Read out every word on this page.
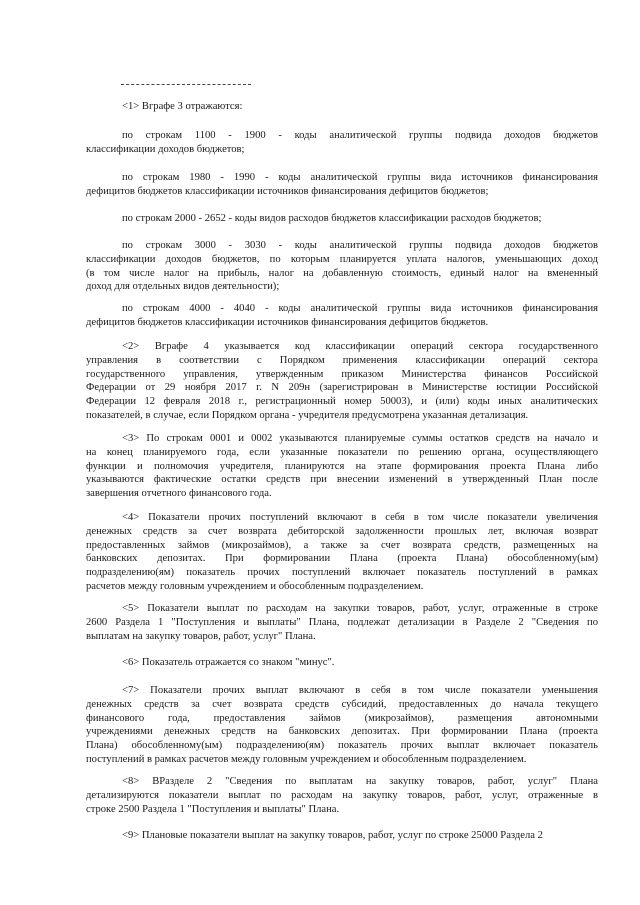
<1> Вграфе 3 отражаются:
по строкам 1100 - 1900 - коды аналитической группы подвида доходов бюджетов
классификации доходов бюджетов;
по строкам 1980 - 1990 - коды аналитической группы вида источников финансирования
дефицитов бюджетов классификации источников финансирования дефицитов бюджетов;
по строкам 2000 - 2652 - коды видов расходов бюджетов классификации расходов бюджетов;
по строкам 3000 - 3030 - коды аналитической группы подвида доходов бюджетов
классификации доходов бюджетов, по которым планируется уплата налогов, уменьшающих доход
(в том числе налог на прибыль, налог на добавленную стоимость, единый налог на вмененный
доход для отдельных видов деятельности);
по строкам 4000 - 4040 - коды аналитической группы вида источников финансирования
дефицитов бюджетов классификации источников финансирования дефицитов бюджетов.
<2> Вграфе 4 указывается код классификации операций сектора государственного
управления в соответствии с Порядком применения классификации операций сектора
государственного управления, утвержденным приказом Министерства финансов Российской
Федерации от 29 ноября 2017 г. N 209н (зарегистрирован в Министерстве юстиции Российской
Федерации 12 февраля 2018 г., регистрационный номер 50003), и (или) коды иных аналитических
показателей, в случае, если Порядком органа - учредителя предусмотрена указанная детализация.
<3> По строкам 0001 и 0002 указываются планируемые суммы остатков средств на начало и
на конец планируемого года, если указанные показатели по решению органа, осуществляющего
функции и полномочия учредителя, планируются на этапе формирования проекта Плана либо
указываются фактические остатки средств при внесении изменений в утвержденный План после
завершения отчетного финансового года.
<4> Показатели прочих поступлений включают в себя в том числе показатели увеличения
денежных средств за счет возврата дебиторской задолженности прошлых лет, включая возврат
предоставленных займов (микрозаймов), а также за счет возврата средств, размещенных на
банковских депозитах. При формировании Плана (проекта Плана) обособленному(ым)
подразделению(ям) показатель прочих поступлений включает показатель поступлений в рамках
расчетов между головным учреждением и обособленным подразделением.
<5> Показатели выплат по расходам на закупки товаров, работ, услуг, отраженные в строке
2600 Раздела 1 "Поступления и выплаты" Плана, подлежат детализации в Разделе 2 "Сведения по
выплатам на закупку товаров, работ, услуг" Плана.
<6> Показатель отражается со знаком "минус".
<7> Показатели прочих выплат включают в себя в том числе показатели уменьшения
денежных средств за счет возврата средств субсидий, предоставленных до начала текущего
финансового года, предоставления займов (микрозаймов), размещения автономными
учреждениями денежных средств на банковских депозитах. При формировании Плана (проекта
Плана) обособленному(ым) подразделению(ям) показатель прочих выплат включает показатель
поступлений в рамках расчетов между головным учреждением и обособленным подразделением.
<8> ВРазделе 2 "Сведения по выплатам на закупку товаров, работ, услуг" Плана
детализируются показатели выплат по расходам на закупку товаров, работ, услуг, отраженные в
строке 2500 Раздела 1 "Поступления и выплаты" Плана.
<9> Плановые показатели выплат на закупку товаров, работ, услуг по строке 25000 Раздела 2
